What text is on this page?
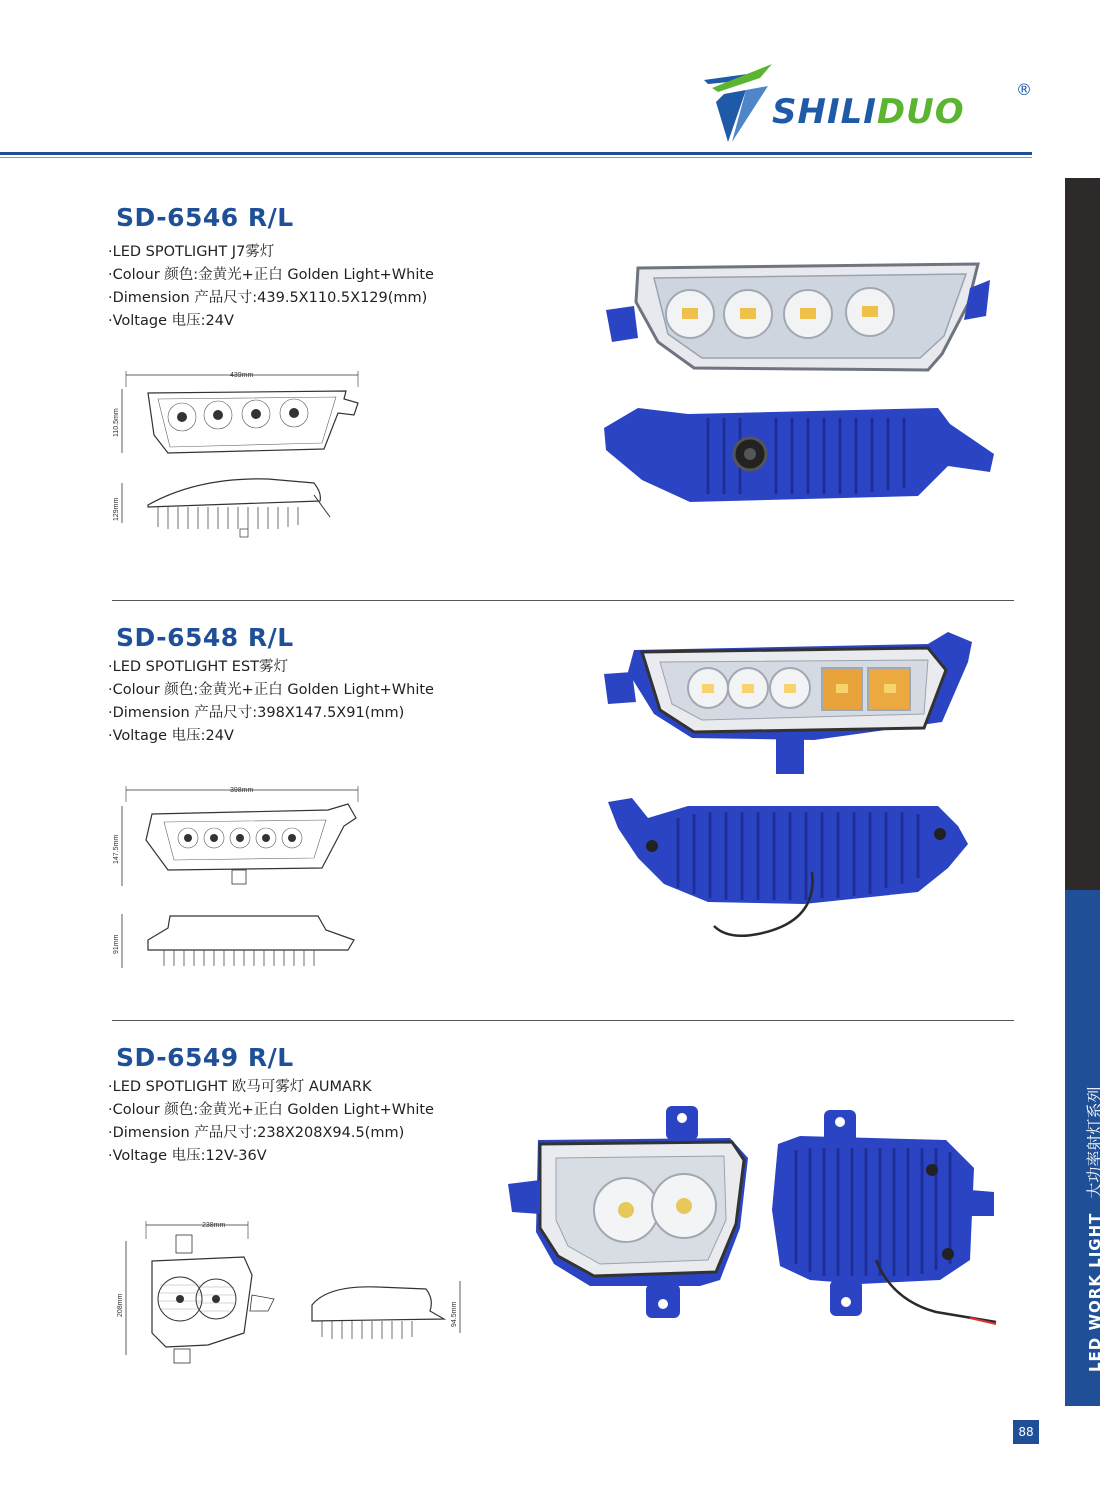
SHILIDUO
®
LED WORK LIGHT大功率射灯系列
SD-6546 R/L
·LED SPOTLIGHT J7雾灯
·Colour 颜色:金黄光+正白 Golden Light+White
·Dimension 产品尺寸:439.5X110.5X129(mm)
·Voltage 电压:24V
439mm
110.5mm
129mm
SD-6548 R/L
·LED SPOTLIGHT EST雾灯
·Colour 颜色:金黄光+正白 Golden Light+White
·Dimension 产品尺寸:398X147.5X91(mm)
·Voltage 电压:24V
398mm
147.5mm
91mm
SD-6549 R/L
·LED SPOTLIGHT 欧马可雾灯 AUMARK
·Colour 颜色:金黄光+正白 Golden Light+White
·Dimension 产品尺寸:238X208X94.5(mm)
·Voltage 电压:12V-36V
238mm
208mm	94.5mm
88
